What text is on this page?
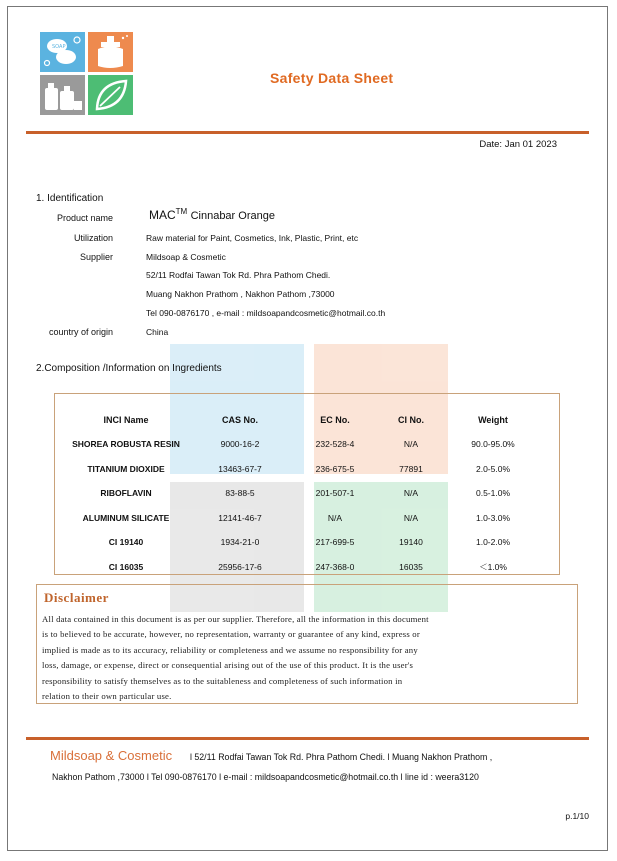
SOAP
Safety Data Sheet
Date: Jan 01 2023
1. Identification
Product name	MAC™ Cinnabar Orange
Utilization	Raw material for Paint, Cosmetics, Ink, Plastic, Print, etc
Supplier	Mildsoap & Cosmetic
52/11 Rodfai Tawan Tok Rd. Phra Pathom Chedi.
Muang Nakhon Prathom , Nakhon Pathom ,73000
Tel 090-0876170 , e-mail : mildsoapandcosmetic@hotmail.co.th
country of origin	China
2.Composition /Information on Ingredients
INCI Name	CAS No.	EC No.	CI No.	Weight
SHOREA ROBUSTA RESIN	9000-16-2	232-528-4	N/A	90.0-95.0%
TITANIUM DIOXIDE	13463-67-7	236-675-5	77891	2.0-5.0%
RIBOFLAVIN	83-88-5	201-507-1	N/A	0.5-1.0%
ALUMINUM SILICATE	12141-46-7	N/A	N/A	1.0-3.0%
CI 19140	1934-21-0	217-699-5	19140	1.0-2.0%
CI 16035	25956-17-6	247-368-0	16035	＜1.0%
Disclaimer
All data contained in this document is as per our supplier. Therefore, all the information in this document
is to believed to be accurate, however, no representation, warranty or guarantee of any kind, express or
implied is made as to its accuracy, reliability or completeness and we assume no responsibility for any
loss, damage, or expense, direct or consequential arising out of the use of this product. It is the user's
responsibility to satisfy themselves as to the suitableness and completeness of such information in
relation to their own particular use.
Mildsoap & Cosmetic l 52/11 Rodfai Tawan Tok Rd. Phra Pathom Chedi. l Muang Nakhon Prathom ,
Nakhon Pathom ,73000 l Tel 090-0876170 l e-mail : mildsoapandcosmetic@hotmail.co.th l line id : weera3120
p.1/10
